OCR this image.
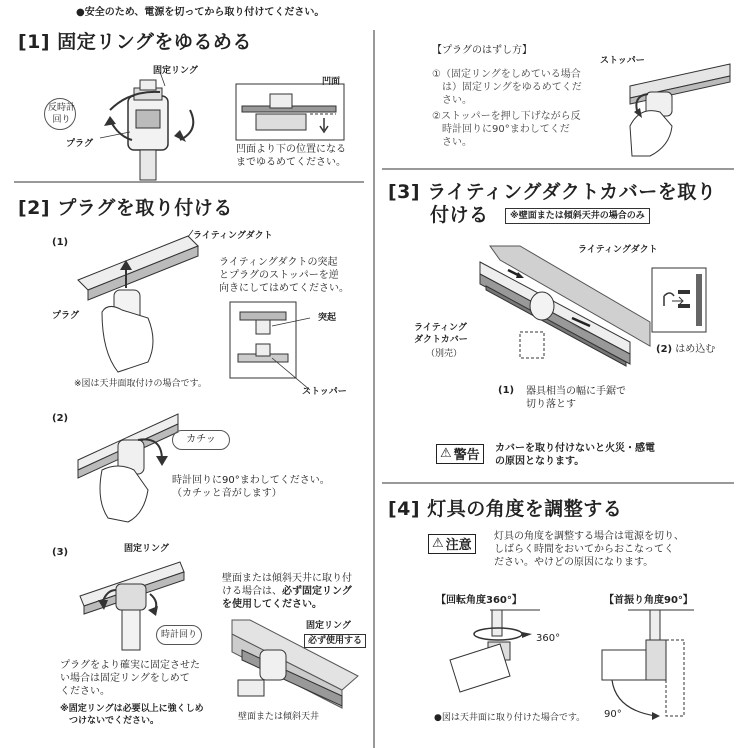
●安全のため、電源を切ってから取り付けてください。
[1] 固定リングをゆるめる
反時計
回り
固定リング
プラグ
凹面
凹面より下の位置になる
までゆるめてください。
【プラグのはずし方】
①（固定リングをしめている場合
　は）固定リングをゆるめてくだ
　さい。
②ストッパーを押し下げながら反
　時計回りに90°まわしてくだ
　さい。
ストッパー
[2] プラグを取り付ける
(1)
ライティングダクト
プラグ
ライティングダクトの突起
とプラグのストッパーを逆
向きにしてはめてください。
突起
ストッパー
※図は天井面取付けの場合です。
(2)
カチッ
時計回りに90°まわしてください。
（カチッと音がします）
(3)	固定リング
時計回り
プラグをより確実に固定させた
い場合は固定リングをしめて
ください。
※固定リングは必要以上に強くしめ
　つけないでください。
壁面または傾斜天井に取り付
ける場合は、必ず固定リング
を使用してください。
固定リング
必ず使用する
壁面または傾斜天井
[3] ライティングダクトカバーを取り
付ける	※壁面または傾斜天井の場合のみ
ライティングダクト
ライティング
ダクトカバー
（別売）	(2) はめ込む
(1) 器具相当の幅に手鋸で
切り落とす
⚠ 警告 カバーを取り付けないと火災・感電
の原因となります。
[4] 灯具の角度を調整する
⚠ 注意
灯具の角度を調整する場合は電源を切り、
しばらく時間をおいてからおこなってく
ださい。やけどの原因になります。
【回転角度360°】	【首振り角度90°】
360°
90°
●図は天井面に取り付けた場合です。
